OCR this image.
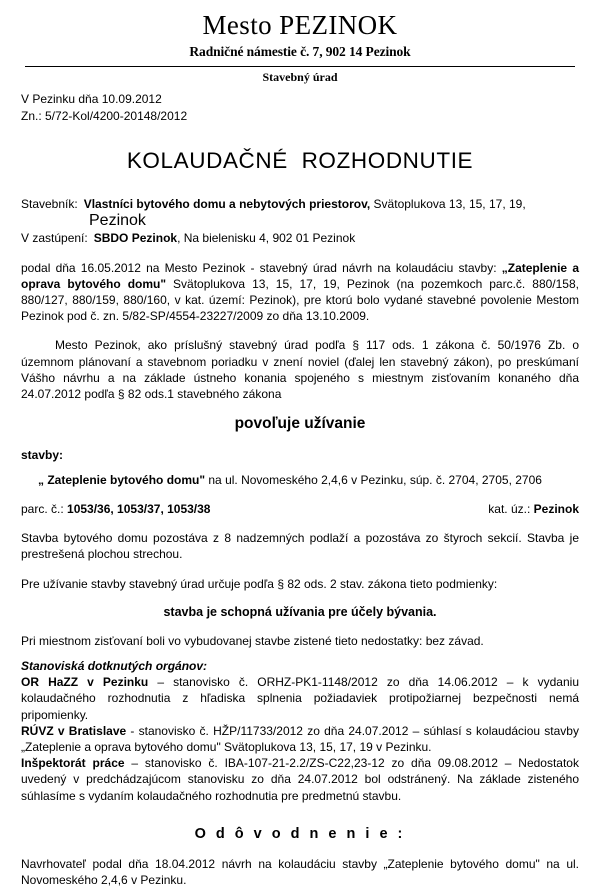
Mesto PEZINOK
Radničné námestie č. 7, 902 14 Pezinok
Stavebný úrad
V Pezinku dňa 10.09.2012
Zn.: 5/72-Kol/4200-20148/2012
KOLAUDAČNÉ  ROZHODNUTIE
Stavebník: Vlastníci bytového domu a nebytových priestorov, Svätoplukova 13, 15, 17, 19,
Pezinok
V zastúpení: SBDO Pezinok, Na bielenisku 4, 902 01 Pezinok

podal dňa 16.05.2012 na Mesto Pezinok - stavebný úrad návrh na kolaudáciu stavby: „Zateplenie a oprava bytového domu" Svätoplukova 13, 15, 17, 19, Pezinok (na pozemkoch parc.č. 880/158, 880/127, 880/159, 880/160, v kat. území: Pezinok), pre ktorú bolo vydané stavebné povolenie Mestom Pezinok pod č. zn. 5/82-SP/4554-23227/2009 zo dňa 13.10.2009.

Mesto Pezinok, ako príslušný stavebný úrad podľa § 117 ods. 1 zákona č. 50/1976 Zb. o územnom plánovaní a stavebnom poriadku v znení noviel (ďalej len stavebný zákon), po preskúmaní Vášho návrhu a na základe ústneho konania spojeného s miestnym zisťovaním konaného dňa 24.07.2012 podľa § 82 ods.1 stavebného zákona

povoľuje užívanie

stavby:

„ Zateplenie bytového domu" na ul. Novomeského 2,4,6 v Pezinku, súp. č. 2704, 2705, 2706

parc. č.: 1053/36, 1053/37, 1053/38	kat. úz.: Pezinok

Stavba bytového domu pozostáva z 8 nadzemných podlaží a pozostáva zo štyroch sekcií. Stavba je prestrešená plochou strechou.

Pre užívanie stavby stavebný úrad určuje podľa § 82 ods. 2 stav. zákona tieto podmienky:

stavba je schopná užívania pre účely bývania.

Pri miestnom zisťovaní boli vo vybudovanej stavbe zistené tieto nedostatky: bez závad.

Stanoviská dotknutých orgánov:

OR HaZZ v Pezinku – stanovisko č. ORHZ-PK1-1148/2012 zo dňa 14.06.2012 – k vydaniu kolaudačného rozhodnutia z hľadiska splnenia požiadaviek protipožiarnej bezpečnosti nemá pripomienky.

RÚVZ v Bratislave - stanovisko č. HŽP/11733/2012 zo dňa 24.07.2012 – súhlasí s kolaudáciou stavby „Zateplenie a oprava bytového domu" Svätoplukova 13, 15, 17, 19 v Pezinku.

Inšpektorát práce – stanovisko č. IBA-107-21-2.2/ZS-C22,23-12 zo dňa 09.08.2012 – Nedostatok uvedený v predchádzajúcom stanovisku zo dňa 24.07.2012 bol odstránený. Na základe zisteného súhlasíme s vydaním kolaudačného rozhodnutia pre predmetnú stavbu.

O d ô v o d n e n i e :

Navrhovateľ podal dňa 18.04.2012 návrh na kolaudáciu stavby „Zateplenie bytového domu" na ul. Novomeského 2,4,6 v Pezinku.
